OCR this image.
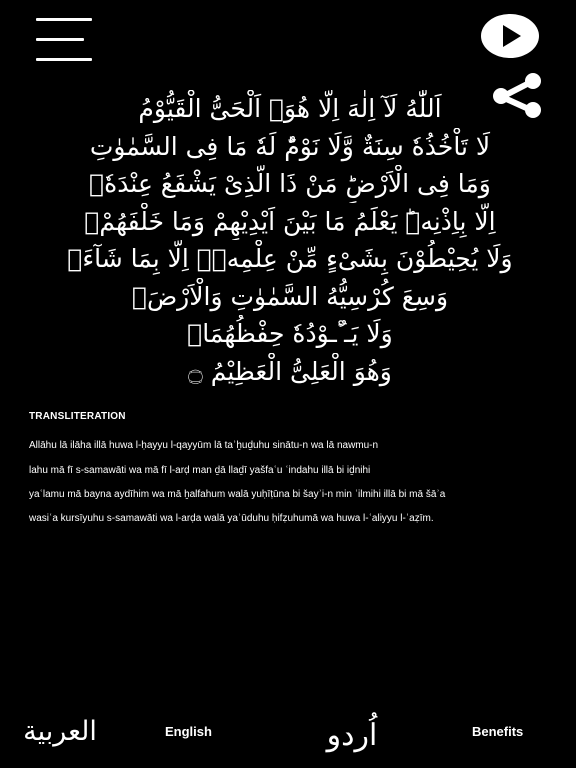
اَللّٰهُ لَآ اِلٰهَ اِلَّا هُوَۚ اَلْحَیُّ الْقَیُّوْمُ
لَا تَاْخُذُهٗ سِنَةٌ وَّلَا نَوْمٌؕ لَهٗ مَا فِی السَّمٰوٰتِ
وَمَا فِی الْاَرْضِؕ مَنْ ذَا الَّذِیْ یَشْفَعُ عِنْدَهٗۤ
اِلَّا بِاِذْنِهٖؕ یَعْلَمُ مَا بَیْنَ اَیْدِیْهِمْ وَمَا خَلْفَهُمْۚ
وَلَا یُحِیْطُوْنَ بِشَیْءٍ مِّنْ عِلْمِهٖۤ اِلَّا بِمَا شَآءَۚ
وَسِعَ كُرْسِیُّهُ السَّمٰوٰتِ وَالْاَرْضَۚ
وَلَا یَـٴُـوْدُهٗ حِفْظُهُمَاۚ
وَهُوَ الْعَلِیُّ الْعَظِیْمُ ۝
TRANSLITERATION
Allāhu lā ilāha illā huwa l-ḥayyu l-qayyūm lā taʾḫuḏuhu sinātu-n wa lā nawmu-n
lahu mā fī s-samawāti wa mā fī l-arḍ man ḏā llaḏī yašfaʿu ʿindahu illā bi iḏnihi
yaʿlamu mā bayna aydīhim wa mā ḫalfahum walā yuḥīṭūna bi šayʾi-n min ʿilmihi illā bi mā šāʾa
wasiʿa kursīyuhu s-samawāti wa l-arḍa walā yaʾūduhu ḥifẓuhumā wa huwa l-ʿaliyyu l-ʿaẓīm.
العربية	English	اُردو	Benefits
